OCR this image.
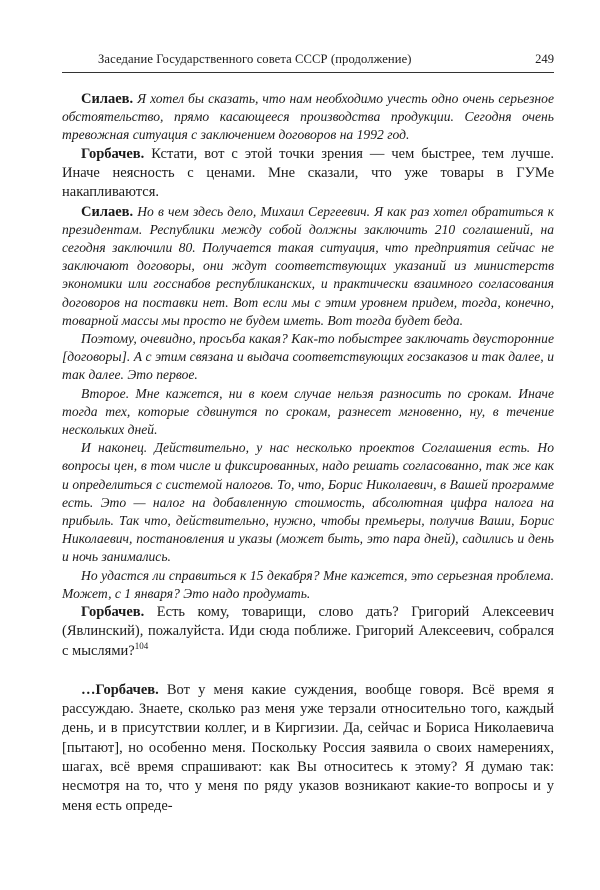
Заседание Государственного совета СССР (продолжение)	249

Силаев. Я хотел бы сказать, что нам необходимо учесть одно очень серьезное обстоятельство, прямо касающееся производства продукции. Сегодня очень тревожная ситуация с заключением договоров на 1992 год.

Горбачев. Кстати, вот с этой точки зрения — чем быстрее, тем лучше. Иначе неясность с ценами. Мне сказали, что уже товары в ГУМе накапливаются.

Силаев. Но в чем здесь дело, Михаил Сергеевич. Я как раз хотел обратиться к президентам. Республики между собой должны заключить 210 соглашений, на сегодня заключили 80. Получается такая ситуация, что предприятия сейчас не заключают договоры, они ждут соответствующих указаний из министерств экономики или госснабов республиканских, и практически взаимного согласования договоров на поставки нет. Вот если мы с этим уровнем придем, тогда, конечно, товарной массы мы просто не будем иметь. Вот тогда будет беда.

Поэтому, очевидно, просьба какая? Как-то побыстрее заключать двусторонние [договоры]. А с этим связана и выдача соответствующих госзаказов и так далее, и так далее. Это первое.

Второе. Мне кажется, ни в коем случае нельзя разносить по срокам. Иначе тогда тех, которые сдвинутся по срокам, разнесет мгновенно, ну, в течение нескольких дней.

И наконец. Действительно, у нас несколько проектов Соглашения есть. Но вопросы цен, в том числе и фиксированных, надо решать согласованно, так же как и определиться с системой налогов. То, что, Борис Николаевич, в Вашей программе есть. Это — налог на добавленную стоимость, абсолютная цифра налога на прибыль. Так что, действительно, нужно, чтобы премьеры, получив Ваши, Борис Николаевич, постановления и указы (может быть, это пара дней), садились и день и ночь занимались.

Но удастся ли справиться к 15 декабря? Мне кажется, это серьезная проблема. Может, с 1 января? Это надо продумать.

Горбачев. Есть кому, товарищи, слово дать? Григорий Алексеевич (Явлинский), пожалуйста. Иди сюда поближе. Григорий Алексеевич, собрался с мыслями?$^{104}$

…Горбачев. Вот у меня какие суждения, вообще говоря. Всё время я рассуждаю. Знаете, сколько раз меня уже терзали относительно того, каждый день, и в присутствии коллег, и в Киргизии. Да, сейчас и Бориса Николаевича [пытают], но особенно меня. Поскольку Россия заявила о своих намерениях, шагах, всё время спрашивают: как Вы относитесь к этому? Я думаю так: несмотря на то, что у меня по ряду указов возникают какие-то вопросы и у меня есть опреде-
